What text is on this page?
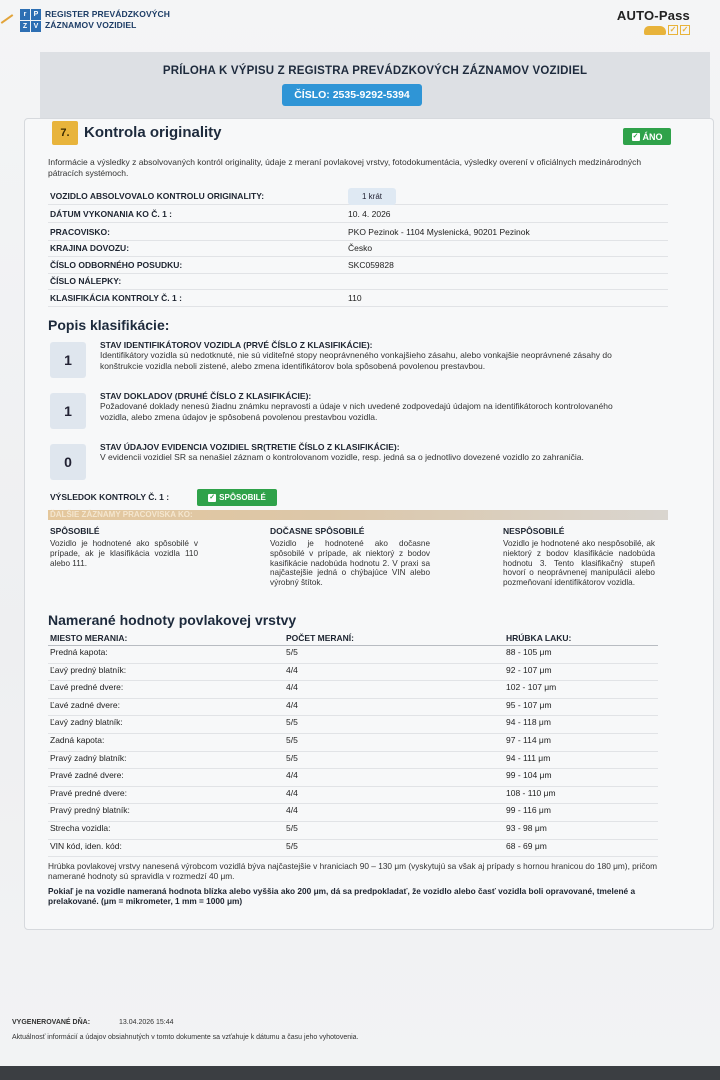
r	P
Z V
REGISTER PREVÁDZKOVÝCH
ZÁZNAMOV VOZIDIEL
AUTO-Pass
✓ ✓
PRÍLOHA K VÝPISU Z REGISTRA PREVÁDZKOVÝCH ZÁZNAMOV VOZIDIEL
ČÍSLO: 2535-9292-5394
7. Kontrola originality	✓ ÁNO
Informácie a výsledky z absolvovaných kontról originality, údaje z meraní povlakovej vrstvy, fotodokumentácia, výsledky overení v oficiálnych medzinárodných pátracích systémoch.
VOZIDLO ABSOLVOVALO KONTROLU ORIGINALITY:	1 krát
DÁTUM VYKONANIA KO Č. 1 :	10. 4. 2026
PRACOVISKO:	PKO Pezinok - 1104 Myslenická, 90201 Pezinok
KRAJINA DOVOZU:	Česko
ČÍSLO ODBORNÉHO POSUDKU:	SKC059828
ČÍSLO NÁLEPKY:
KLASIFIKÁCIA KONTROLY Č. 1 :	110
Popis klasifikácie:
1
STAV IDENTIFIKÁTOROV VOZIDLA (PRVÉ ČÍSLO Z KLASIFIKÁCIE):
Identifikátory vozidla sú nedotknuté, nie sú viditeľné stopy neoprávneného vonkajšieho zásahu, alebo vonkajšie neoprávnené zásahy do konštrukcie vozidla neboli zistené, alebo zmena identifikátorov bola spôsobená povolenou prestavbou.
1
STAV DOKLADOV (DRUHÉ ČÍSLO Z KLASIFIKÁCIE):
Požadované doklady nenesú žiadnu známku nepravosti a údaje v nich uvedené zodpovedajú údajom na identifikátoroch kontrolovaného vozidla, alebo zmena údajov je spôsobená povolenou prestavbou vozidla.
0
STAV ÚDAJOV EVIDENCIA VOZIDIEL SR(TRETIE ČÍSLO Z KLASIFIKÁCIE):
V evidencii vozidiel SR sa nenašiel záznam o kontrolovanom vozidle, resp. jedná sa o jednotlivo dovezené vozidlo zo zahraničia.
VÝSLEDOK KONTROLY Č. 1 :	✓ SPÔSOBILÉ
ĎALŠIE ZÁZNAMY PRACOVISKA KO:
SPÔSOBILÉ
Vozidlo je hodnotené ako spôsobilé v prípade, ak je klasifikácia vozidla 110 alebo 111.
DOČASNE SPÔSOBILÉ
Vozidlo je hodnotené ako dočasne spôsobilé v prípade, ak niektorý z bodov kasifikácie nadobúda hodnotu 2. V praxi sa najčastejšie jedná o chýbajúce VIN alebo výrobný štítok.
NESPÔSOBILÉ
Vozidlo je hodnotené ako nespôsobilé, ak niektorý z bodov klasifikácie nadobúda hodnotu 3. Tento klasifikačný stupeň hovorí o neoprávnenej manipulácii alebo pozmeňovaní identifikátorov vozidla.
Namerané hodnoty povlakovej vrstvy
MIESTO MERANIA:	POČET MERANÍ:	HRÚBKA LAKU:
Predná kapota:	5/5	88 - 105 μm
Ľavý predný blatník:	4/4	92 - 107 μm
Ľavé predné dvere:	4/4	102 - 107 μm
Ľavé zadné dvere:	4/4	95 - 107 μm
Ľavý zadný blatník:	5/5	94 - 118 μm
Zadná kapota:	5/5	97 - 114 μm
Pravý zadný blatník:	5/5	94 - 111 μm
Pravé zadné dvere:	4/4	99 - 104 μm
Pravé predné dvere:	4/4	108 - 110 μm
Pravý predný blatník:	4/4	99 - 116 μm
Strecha vozidla:	5/5	93 - 98 μm
VIN kód, iden. kód:	5/5	68 - 69 μm
Hrúbka povlakovej vrstvy nanesená výrobcom vozidlá býva najčastejšie v hraniciach 90 – 130 μm (vyskytujú sa však aj prípady s hornou hranicou do 180 μm), pričom namerané hodnoty sú spravidla v rozmedzí 40 μm.
Pokiaľ je na vozidle nameraná hodnota blízka alebo vyššia ako 200 μm, dá sa predpokladať, že vozidlo alebo časť vozidla boli opravované, tmelené a prelakované. (μm = mikrometer, 1 mm = 1000 μm)
VYGENEROVANÉ DŇA:	13.04.2026 15:44
Aktuálnosť informácií a údajov obsiahnutých v tomto dokumente sa vzťahuje k dátumu a času jeho vyhotovenia.
